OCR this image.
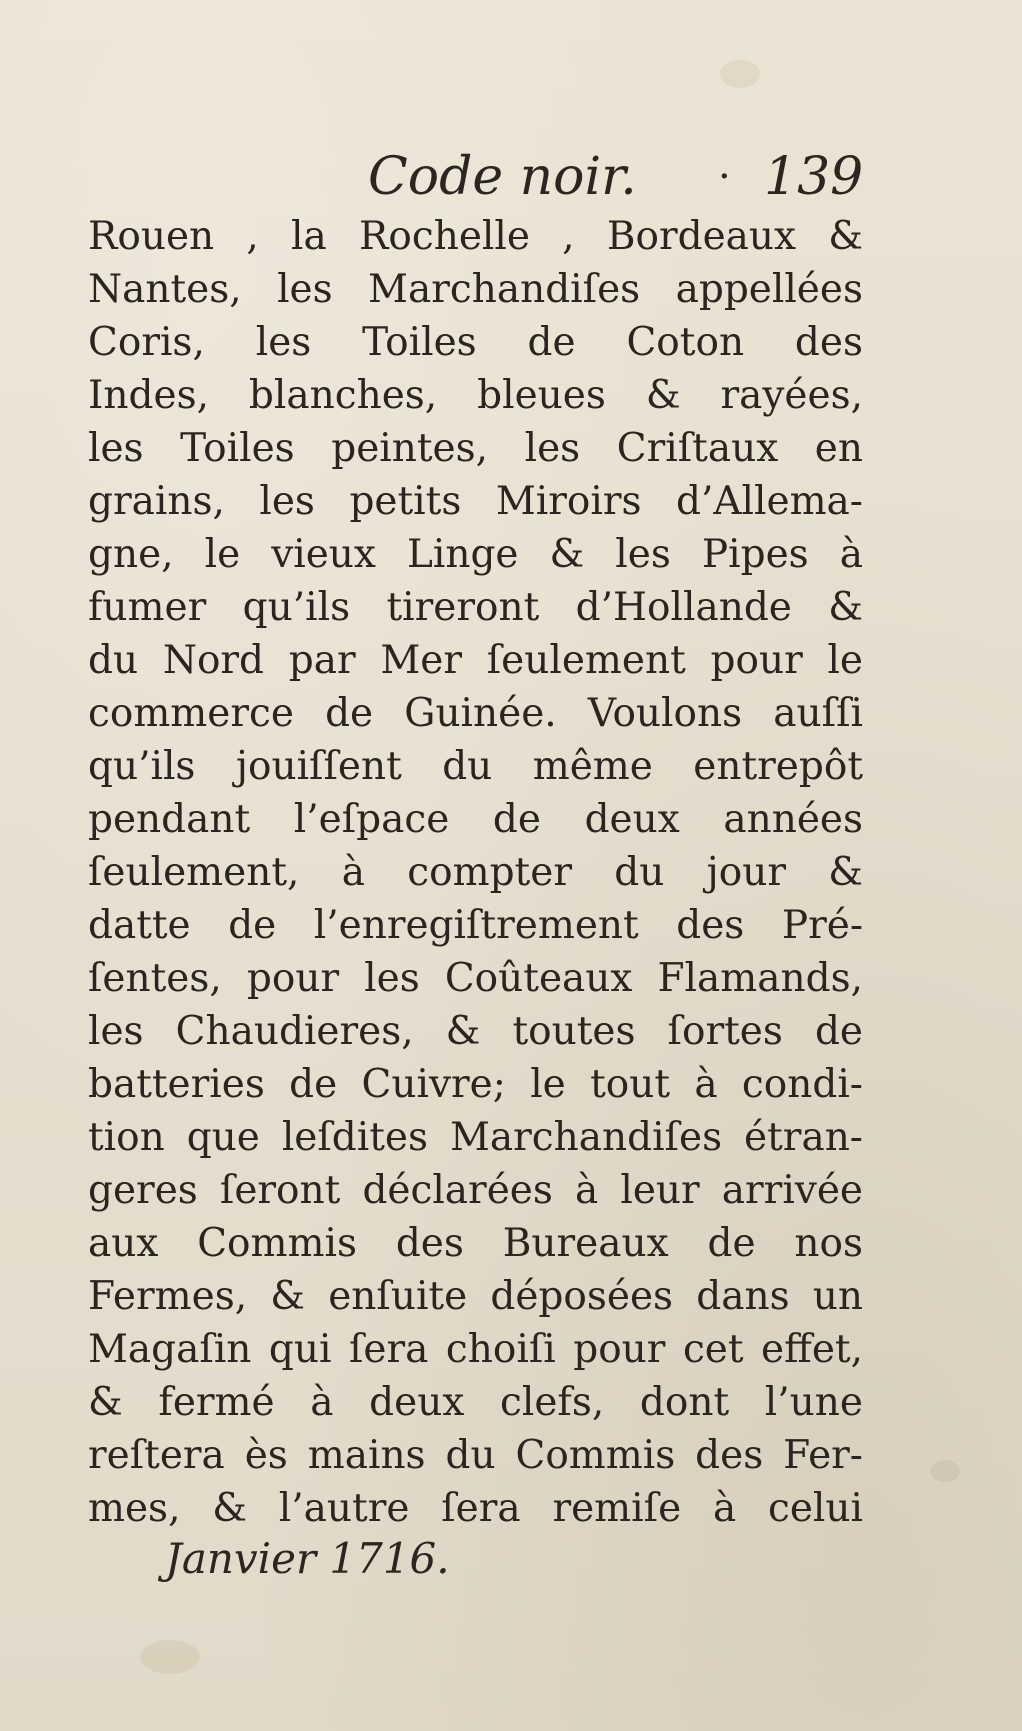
Code noir. · 139
Rouen , la Rochelle , Bordeaux &
Nantes, les Marchandiſes appellées
Coris, les Toiles de Coton des
Indes, blanches, bleues & rayées,
les Toiles peintes, les Criſtaux en
grains, les petits Miroirs d’Allema-
gne, le vieux Linge & les Pipes à
fumer qu’ils tireront d’Hollande &
du Nord par Mer ſeulement pour le
commerce de Guinée. Voulons auſſi
qu’ils jouiſſent du même entrepôt
pendant l’eſpace de deux années
ſeulement, à compter du jour &
datte de l’enregiſtrement des Pré-
ſentes, pour les Coûteaux Flamands,
les Chaudieres, & toutes ſortes de
batteries de Cuivre; le tout à condi-
tion que leſdites Marchandiſes étran-
geres ſeront déclarées à leur arrivée
aux Commis des Bureaux de nos
Fermes, & enſuite déposées dans un
Magaſin qui ſera choiſi pour cet effet,
& fermé à deux clefs, dont l’une
reſtera ès mains du Commis des Fer-
mes, & l’autre ſera remiſe à celui
Janvier 1716.
